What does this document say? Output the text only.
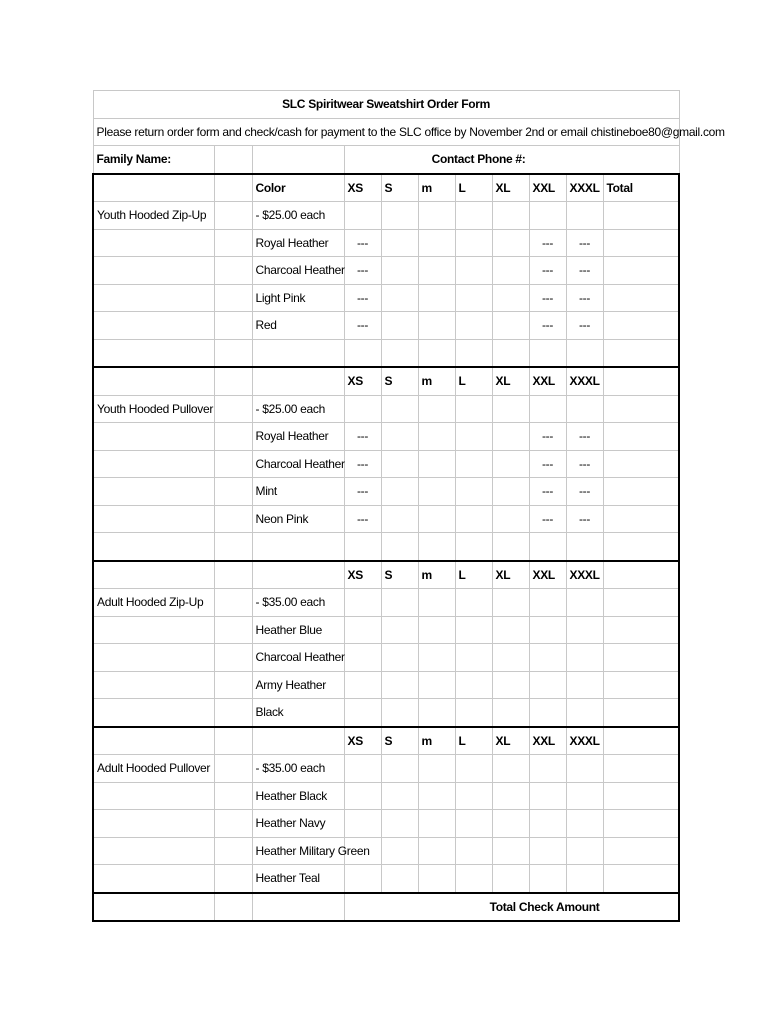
SLC Spiritwear Sweatshirt Order Form										
Please return order form and check/cash for payment to the SLC office by November 2nd or email chistineboe80@gmail.com										
Family Name:			Contact Phone #:							
		Color	XS	S	m	L	XL	XXL	XXXL	Total
Youth Hooded Zip-Up		- $25.00 each								
		Royal Heather	---					---	---	
		Charcoal Heather	---					---	---	
		Light Pink	---					---	---	
		Red	---					---	---	

			XS	S	m	L	XL	XXL	XXXL	
Youth Hooded Pullover		- $25.00 each								
		Royal Heather	---					---	---	
		Charcoal Heather	---					---	---	
		Mint	---					---	---	
		Neon Pink	---					---	---	

			XS	S	m	L	XL	XXL	XXXL	
Adult Hooded Zip-Up		- $35.00 each								
		Heather Blue								
		Charcoal Heather								
		Army Heather								
		Black								
			XS	S	m	L	XL	XXL	XXXL	
Adult Hooded Pullover		- $35.00 each								
		Heather Black								
		Heather Navy								
		Heather Military Green								
		Heather Teal								
			Total Check Amount							
